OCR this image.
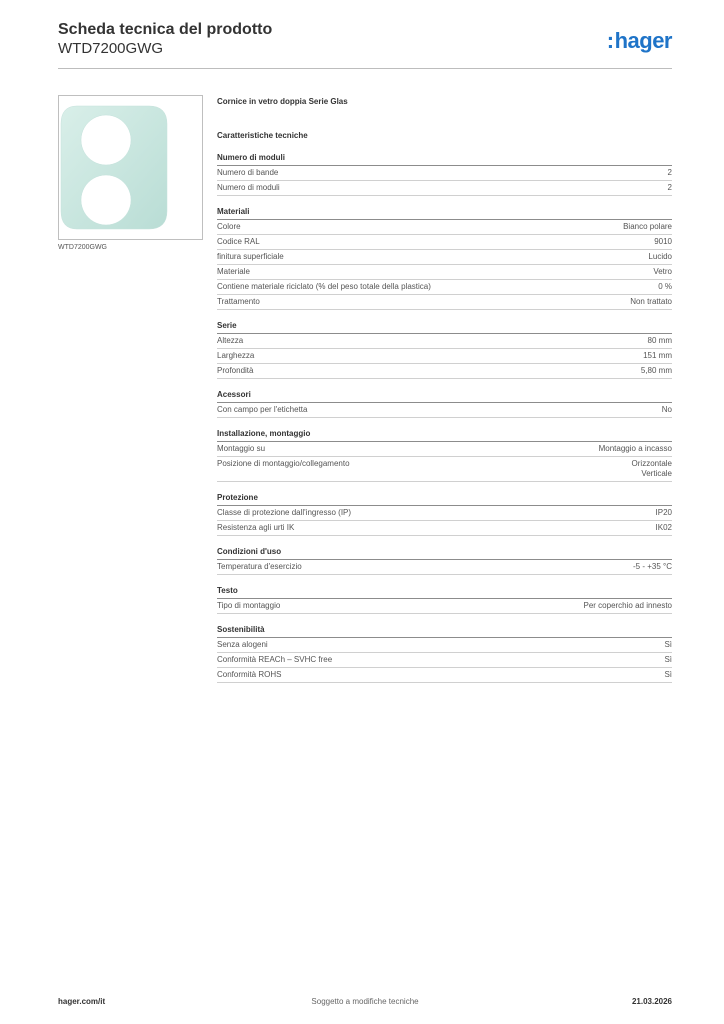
Scheda tecnica del prodotto
WTD7200GWG	:hager
WTD7200GWG
Cornice in vetro doppia Serie Glas
Caratteristiche tecniche
Numero di moduli
Numero di bande	2
Numero di moduli	2
Materiali
Colore	Bianco polare
Codice RAL	9010
finitura superficiale	Lucido
Materiale	Vetro
Contiene materiale riciclato (% del peso totale della plastica)	0 %
Trattamento	Non trattato
Serie
Altezza	80 mm
Larghezza	151 mm
Profondità	5,80 mm
Acessori
Con campo per l'etichetta	No
Installazione, montaggio
Montaggio su	Montaggio a incasso
Posizione di montaggio/collegamento	Orizzontale
Verticale
Protezione
Classe di protezione dall'ingresso (IP)	IP20
Resistenza agli urti IK	IK02
Condizioni d'uso
Temperatura d'esercizio	-5 - +35 °C
Testo
Tipo di montaggio	Per coperchio ad innesto
Sostenibilità
Senza alogeni	Sì
Conformità REACh – SVHC free	Sì
Conformità ROHS	Sì
Soggetto a modifiche tecniche
hager.com/it	21.03.2026
